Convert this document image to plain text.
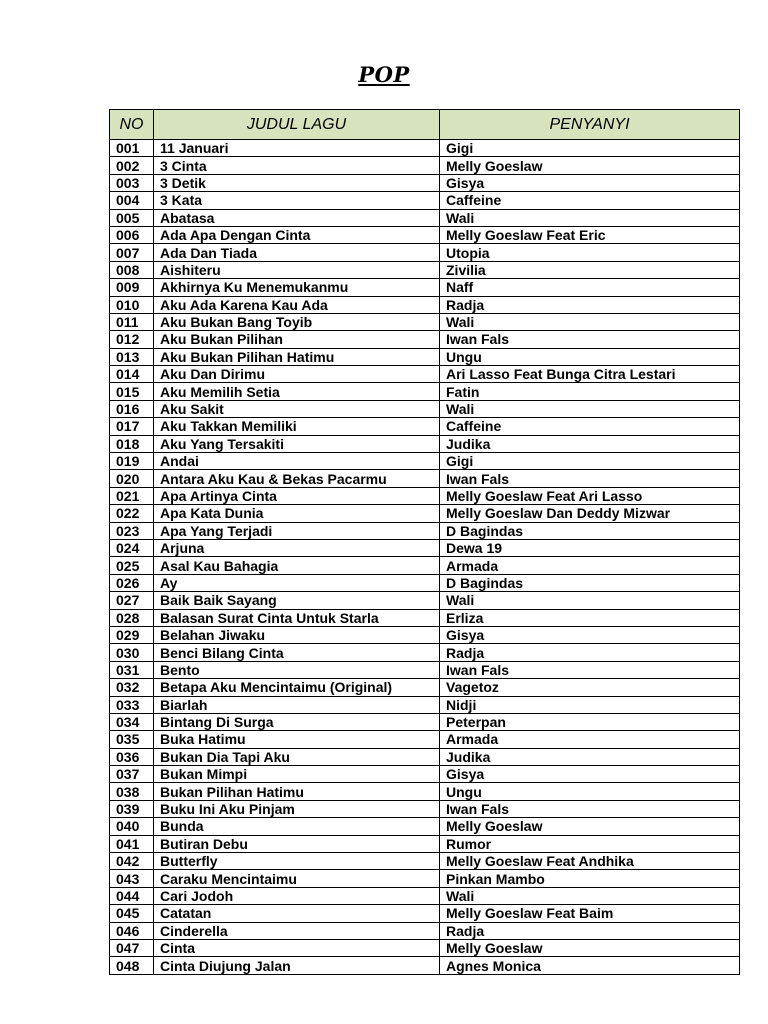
POP
NO	JUDUL LAGU	PENYANYI
001	11 Januari	Gigi
002	3 Cinta	Melly Goeslaw
003	3 Detik	Gisya
004	3 Kata	Caffeine
005	Abatasa	Wali
006	Ada Apa Dengan Cinta	Melly Goeslaw Feat Eric
007	Ada Dan Tiada	Utopia
008	Aishiteru	Zivilia
009	Akhirnya Ku Menemukanmu	Naff
010	Aku Ada Karena Kau Ada	Radja
011	Aku Bukan Bang Toyib	Wali
012	Aku Bukan Pilihan	Iwan Fals
013	Aku Bukan Pilihan Hatimu	Ungu
014	Aku Dan Dirimu	Ari Lasso Feat Bunga Citra Lestari
015	Aku Memilih Setia	Fatin
016	Aku Sakit	Wali
017	Aku Takkan Memiliki	Caffeine
018	Aku Yang Tersakiti	Judika
019	Andai	Gigi
020	Antara Aku Kau & Bekas Pacarmu	Iwan Fals
021	Apa Artinya Cinta	Melly Goeslaw Feat Ari Lasso
022	Apa Kata Dunia	Melly Goeslaw Dan Deddy Mizwar
023	Apa Yang Terjadi	D Bagindas
024	Arjuna	Dewa 19
025	Asal Kau Bahagia	Armada
026	Ay	D Bagindas
027	Baik Baik Sayang	Wali
028	Balasan Surat Cinta Untuk Starla	Erliza
029	Belahan Jiwaku	Gisya
030	Benci Bilang Cinta	Radja
031	Bento	Iwan Fals
032	Betapa Aku Mencintaimu (Original)	Vagetoz
033	Biarlah	Nidji
034	Bintang Di Surga	Peterpan
035	Buka Hatimu	Armada
036	Bukan Dia Tapi Aku	Judika
037	Bukan Mimpi	Gisya
038	Bukan Pilihan Hatimu	Ungu
039	Buku Ini Aku Pinjam	Iwan Fals
040	Bunda	Melly Goeslaw
041	Butiran Debu	Rumor
042	Butterfly	Melly Goeslaw Feat Andhika
043	Caraku Mencintaimu	Pinkan Mambo
044	Cari Jodoh	Wali
045	Catatan	Melly Goeslaw Feat Baim
046	Cinderella	Radja
047	Cinta	Melly Goeslaw
048	Cinta Diujung Jalan	Agnes Monica
